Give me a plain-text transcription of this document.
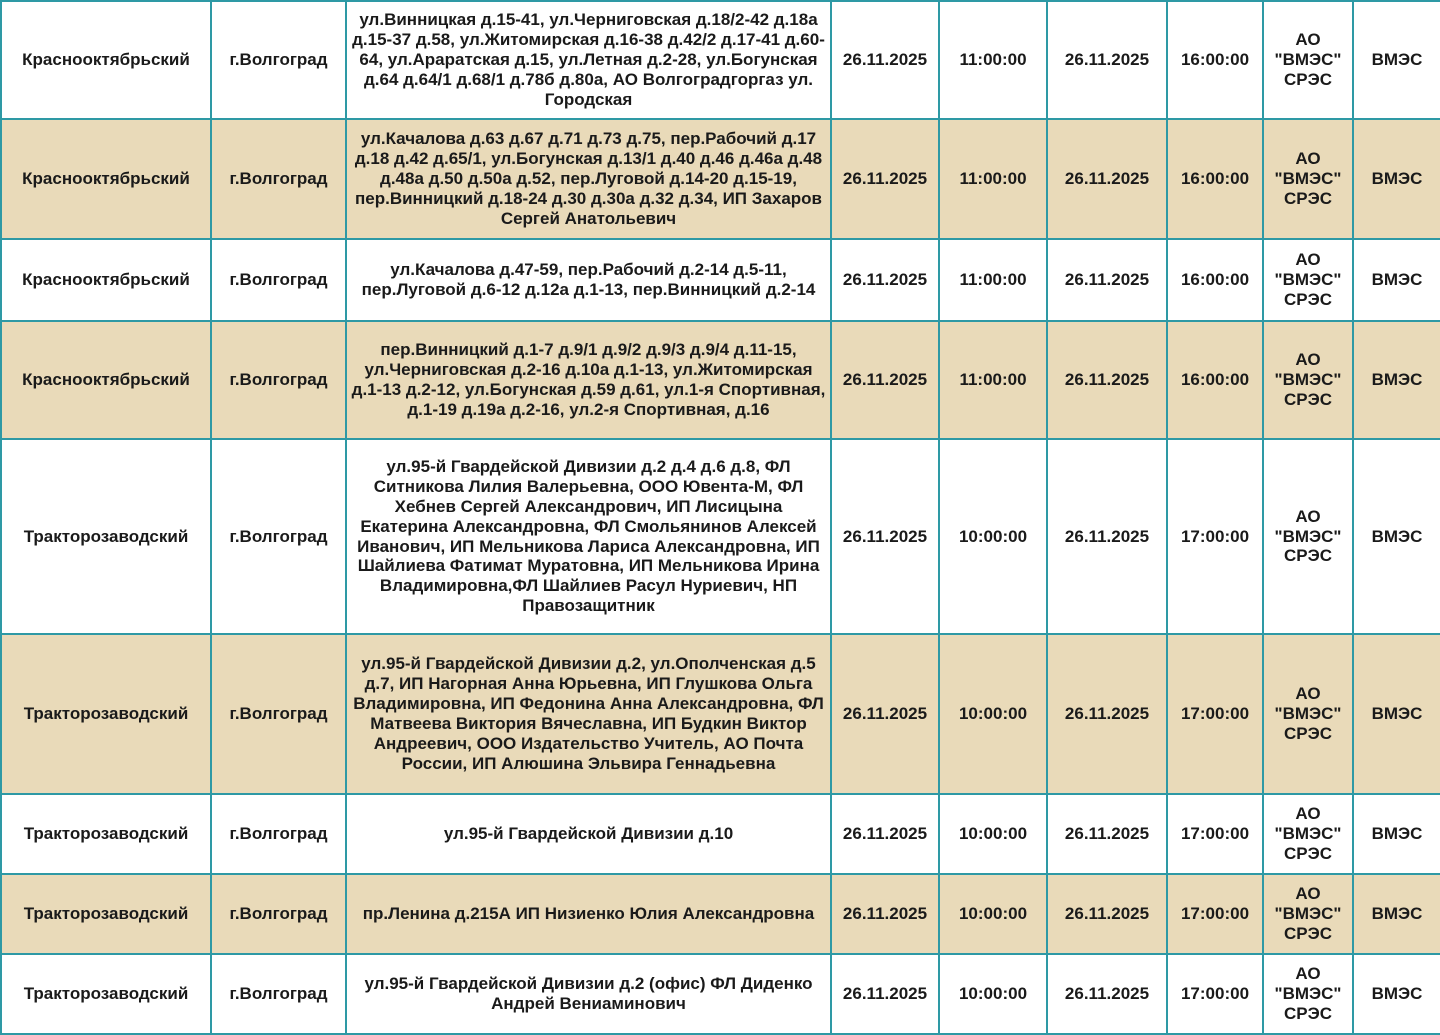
Краснооктябрьский	г.Волгоград	ул.Винницкая д.15-41, ул.Черниговская д.18/2-42 д.18а д.15-37 д.58, ул.Житомирская д.16-38 д.42/2 д.17-41 д.60-64, ул.Араратская д.15, ул.Летная д.2-28, ул.Богунская д.64 д.64/1 д.68/1 д.78б д.80а, АО Волгоградгоргаз ул. Городская	26.11.2025	11:00:00	26.11.2025	16:00:00	АО "ВМЭС" СРЭС	ВМЭС
Краснооктябрьский	г.Волгоград	ул.Качалова д.63 д.67 д.71 д.73 д.75, пер.Рабочий д.17 д.18 д.42 д.65/1, ул.Богунская д.13/1 д.40 д.46 д.46а д.48 д.48а д.50 д.50а д.52, пер.Луговой д.14-20 д.15-19, пер.Винницкий д.18-24 д.30 д.30а д.32 д.34, ИП Захаров Сергей Анатольевич	26.11.2025	11:00:00	26.11.2025	16:00:00	АО "ВМЭС" СРЭС	ВМЭС
Краснооктябрьский	г.Волгоград	ул.Качалова д.47-59, пер.Рабочий д.2-14 д.5-11, пер.Луговой д.6-12 д.12а д.1-13, пер.Винницкий д.2-14	26.11.2025	11:00:00	26.11.2025	16:00:00	АО "ВМЭС" СРЭС	ВМЭС
Краснооктябрьский	г.Волгоград	пер.Винницкий д.1-7 д.9/1 д.9/2 д.9/3 д.9/4 д.11-15, ул.Черниговская д.2-16 д.10а д.1-13, ул.Житомирская д.1-13 д.2-12, ул.Богунская д.59 д.61, ул.1-я Спортивная, д.1-19 д.19а д.2-16, ул.2-я Спортивная, д.16	26.11.2025	11:00:00	26.11.2025	16:00:00	АО "ВМЭС" СРЭС	ВМЭС
Тракторозаводский	г.Волгоград	ул.95-й Гвардейской Дивизии д.2 д.4 д.6 д.8, ФЛ Ситникова Лилия Валерьевна, ООО Ювента-М, ФЛ Хебнев Сергей Александрович, ИП Лисицына Екатерина Александровна, ФЛ Смольянинов Алексей Иванович, ИП Мельникова Лариса Александровна, ИП Шайлиева Фатимат Муратовна, ИП Мельникова Ирина Владимировна,ФЛ Шайлиев Расул Нуриевич, НП Правозащитник	26.11.2025	10:00:00	26.11.2025	17:00:00	АО "ВМЭС" СРЭС	ВМЭС
Тракторозаводский	г.Волгоград	ул.95-й Гвардейской Дивизии д.2, ул.Ополченская д.5 д.7, ИП Нагорная Анна Юрьевна, ИП Глушкова Ольга Владимировна, ИП Федонина Анна Александровна, ФЛ Матвеева Виктория Вячеславна, ИП Будкин Виктор Андреевич, ООО Издательство Учитель, АО Почта России, ИП Алюшина Эльвира Геннадьевна	26.11.2025	10:00:00	26.11.2025	17:00:00	АО "ВМЭС" СРЭС	ВМЭС
Тракторозаводский	г.Волгоград	ул.95-й Гвардейской Дивизии д.10	26.11.2025	10:00:00	26.11.2025	17:00:00	АО "ВМЭС" СРЭС	ВМЭС
Тракторозаводский	г.Волгоград	пр.Ленина д.215А ИП Низиенко Юлия Александровна	26.11.2025	10:00:00	26.11.2025	17:00:00	АО "ВМЭС" СРЭС	ВМЭС
Тракторозаводский	г.Волгоград	ул.95-й Гвардейской Дивизии д.2 (офис) ФЛ Диденко Андрей Вениаминович	26.11.2025	10:00:00	26.11.2025	17:00:00	АО "ВМЭС" СРЭС	ВМЭС
